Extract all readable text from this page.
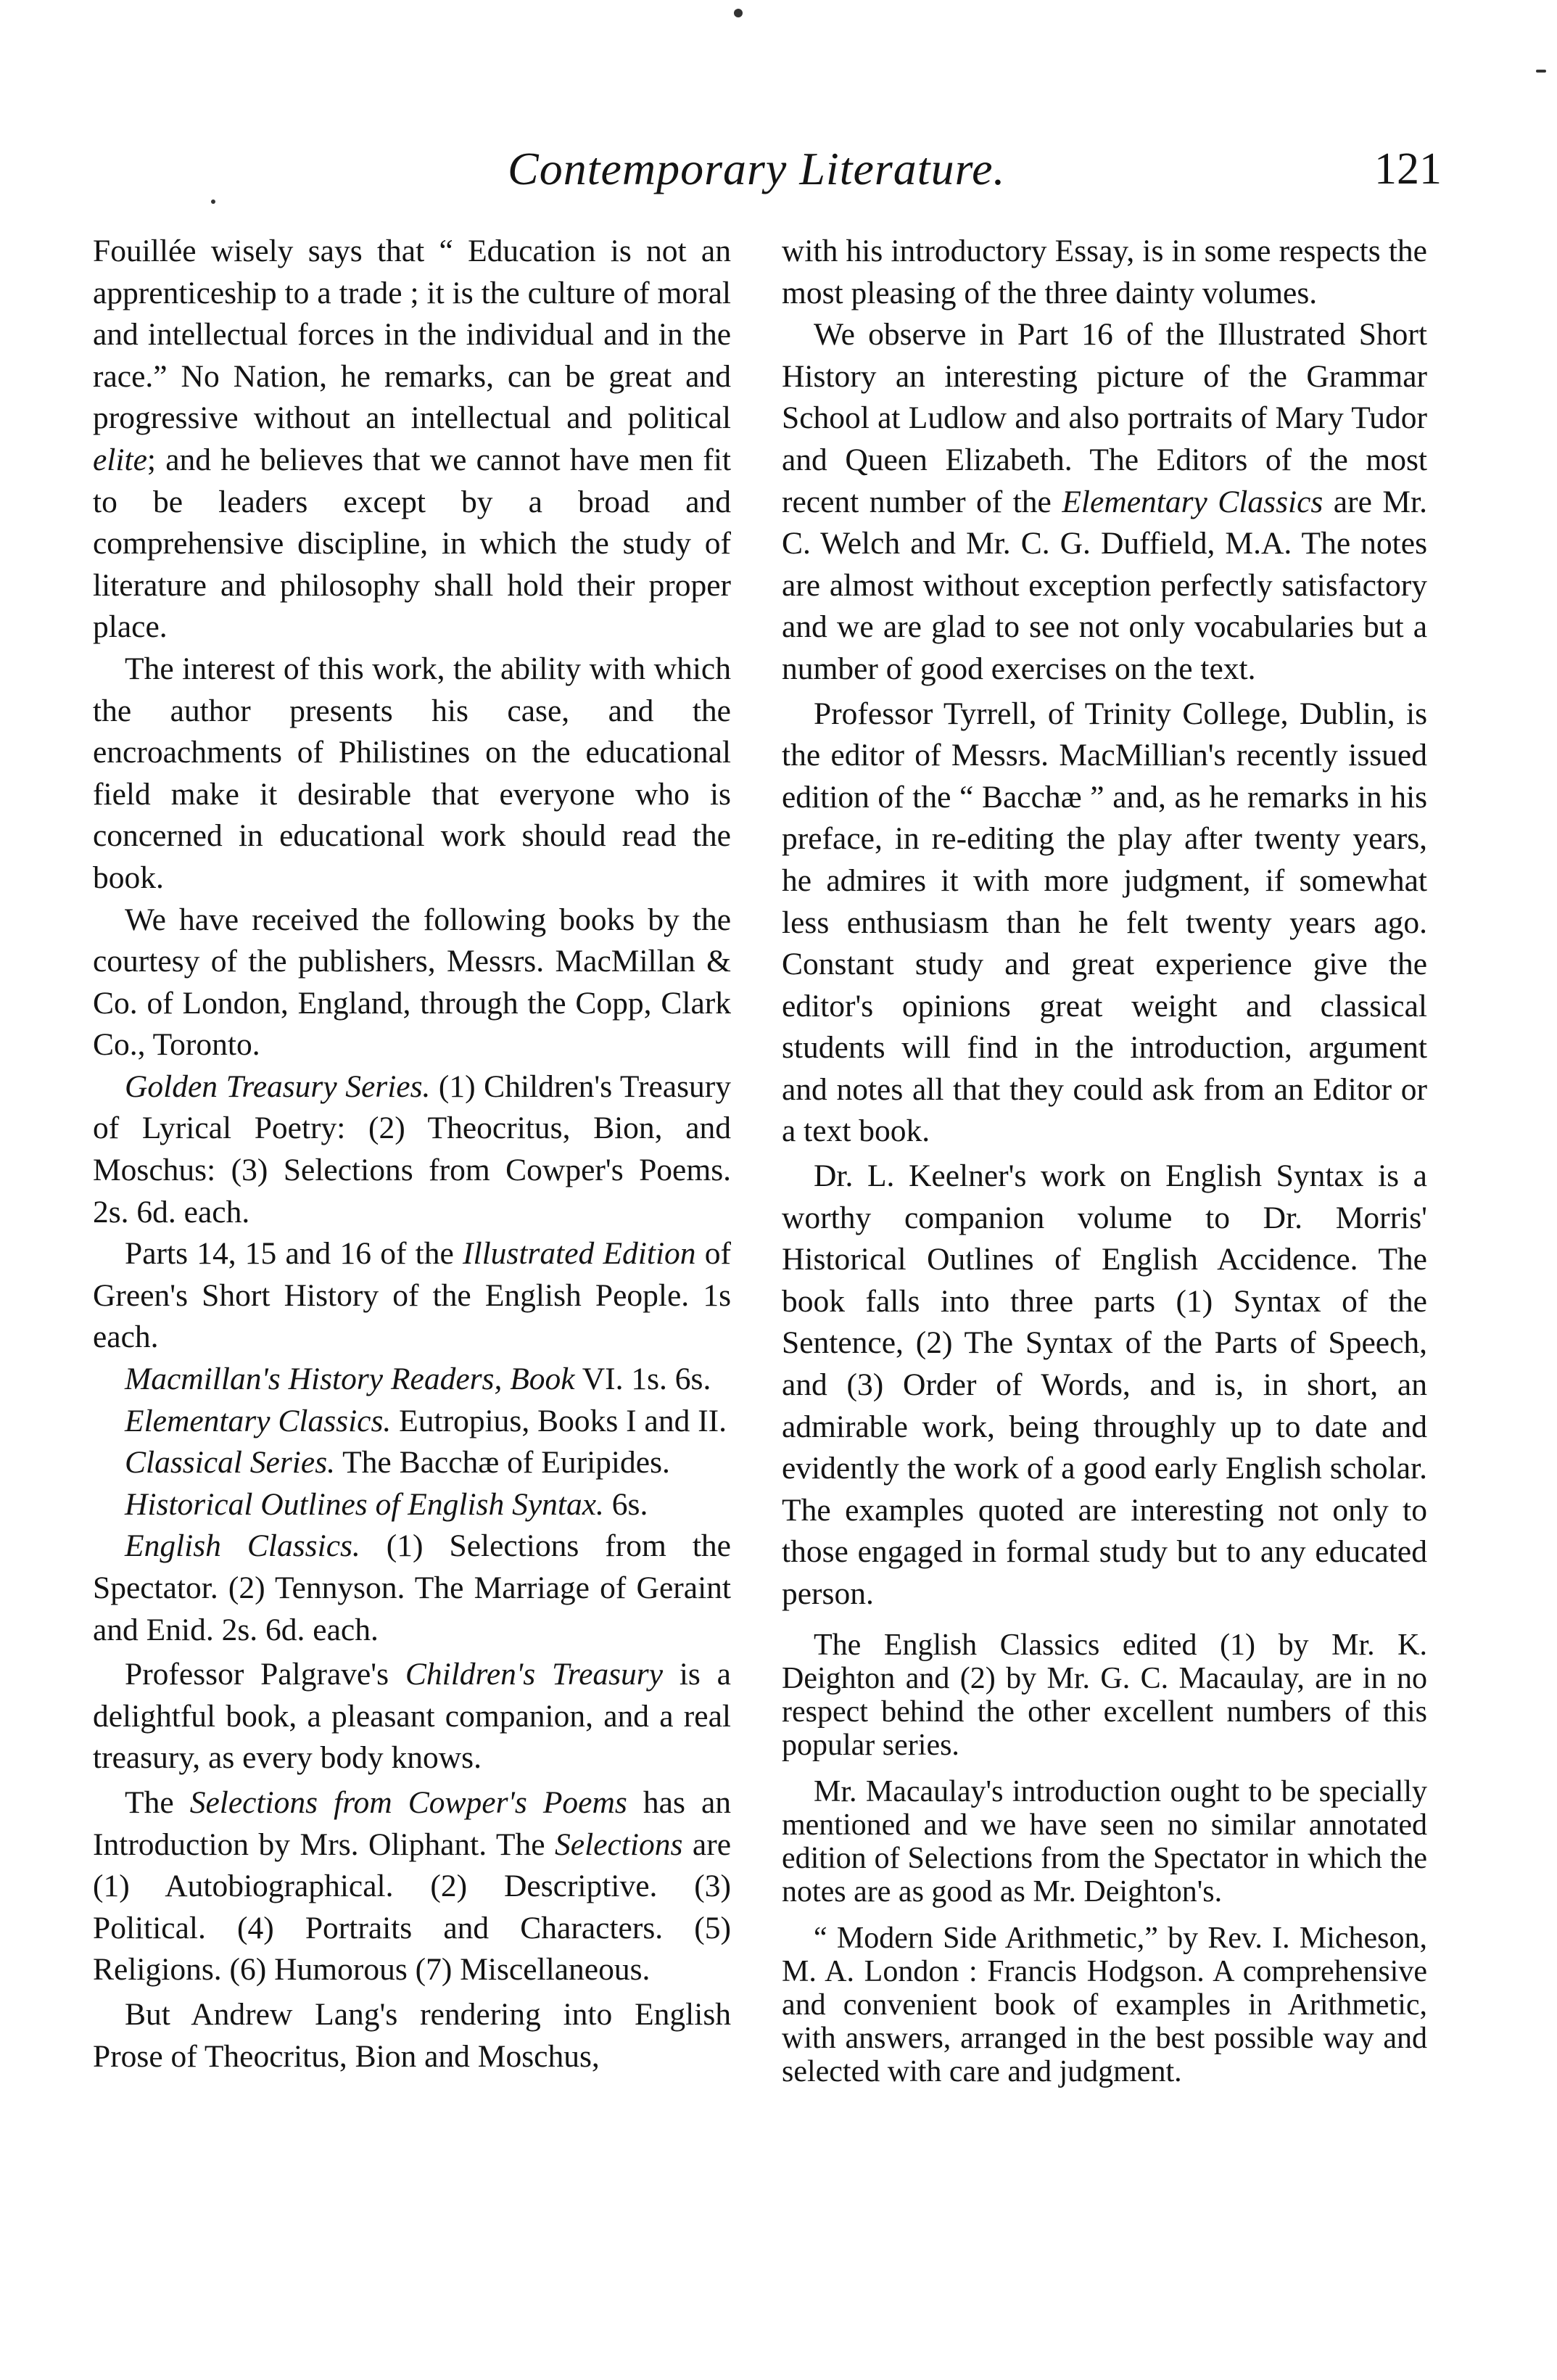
Contemporary Literature.	121

Fouillée wisely says that “ Education is not an apprenticeship to a trade ; it is the culture of moral and intellectual forces in the individual and in the race.” No Nation, he remarks, can be great and progressive without an intellectual and political elite; and he believes that we cannot have men fit to be leaders except by a broad and comprehensive discipline, in which the study of literature and philosophy shall hold their proper place.

The interest of this work, the ability with which the author presents his case, and the encroachments of Philistines on the educational field make it desirable that everyone who is concerned in educational work should read the book.

We have received the following books by the courtesy of the publishers, Messrs. MacMillan & Co. of London, England, through the Copp, Clark Co., Toronto.

Golden Treasury Series. (1) Children's Treasury of Lyrical Poetry: (2) Theocritus, Bion, and Moschus: (3) Selections from Cowper's Poems. 2s. 6d. each.

Parts 14, 15 and 16 of the Illustrated Edition of Green's Short History of the English People. 1s each.

Macmillan's History Readers, Book VI. 1s. 6s.

Elementary Classics. Eutropius, Books I and II.

Classical Series. The Bacchæ of Euripides.

Historical Outlines of English Syntax. 6s.

English Classics. (1) Selections from the Spectator. (2) Tennyson. The Marriage of Geraint and Enid. 2s. 6d. each.

Professor Palgrave's Children's Treasury is a delightful book, a pleasant companion, and a real treasury, as every body knows.

The Selections from Cowper's Poems has an Introduction by Mrs. Oliphant. The Selections are (1) Autobiographical. (2) Descriptive. (3) Political. (4) Portraits and Characters. (5) Religions. (6) Humorous (7) Miscellaneous.

But Andrew Lang's rendering into English Prose of Theocritus, Bion and Moschus,

with his introductory Essay, is in some respects the most pleasing of the three dainty volumes.

We observe in Part 16 of the Illustrated Short History an interesting picture of the Grammar School at Ludlow and also portraits of Mary Tudor and Queen Elizabeth. The Editors of the most recent number of the Elementary Classics are Mr. C. Welch and Mr. C. G. Duffield, M.A. The notes are almost without exception perfectly satisfactory and we are glad to see not only vocabularies but a number of good exercises on the text.

Professor Tyrrell, of Trinity College, Dublin, is the editor of Messrs. MacMillian's recently issued edition of the “ Bacchæ ” and, as he remarks in his preface, in re-editing the play after twenty years, he admires it with more judgment, if somewhat less enthusiasm than he felt twenty years ago. Constant study and great experience give the editor's opinions great weight and classical students will find in the introduction, argument and notes all that they could ask from an Editor or a text book.

Dr. L. Keelner's work on English Syntax is a worthy companion volume to Dr. Morris' Historical Outlines of English Accidence. The book falls into three parts (1) Syntax of the Sentence, (2) The Syntax of the Parts of Speech, and (3) Order of Words, and is, in short, an admirable work, being throughly up to date and evidently the work of a good early English scholar. The examples quoted are interesting not only to those engaged in formal study but to any educated person.

The English Classics edited (1) by Mr. K. Deighton and (2) by Mr. G. C. Macaulay, are in no respect behind the other excellent numbers of this popular series.

Mr. Macaulay's introduction ought to be specially mentioned and we have seen no similar annotated edition of Selections from the Spectator in which the notes are as good as Mr. Deighton's.

“ Modern Side Arithmetic,” by Rev. I. Micheson, M. A. London : Francis Hodgson. A comprehensive and convenient book of examples in Arithmetic, with answers, arranged in the best possible way and selected with care and judgment.
